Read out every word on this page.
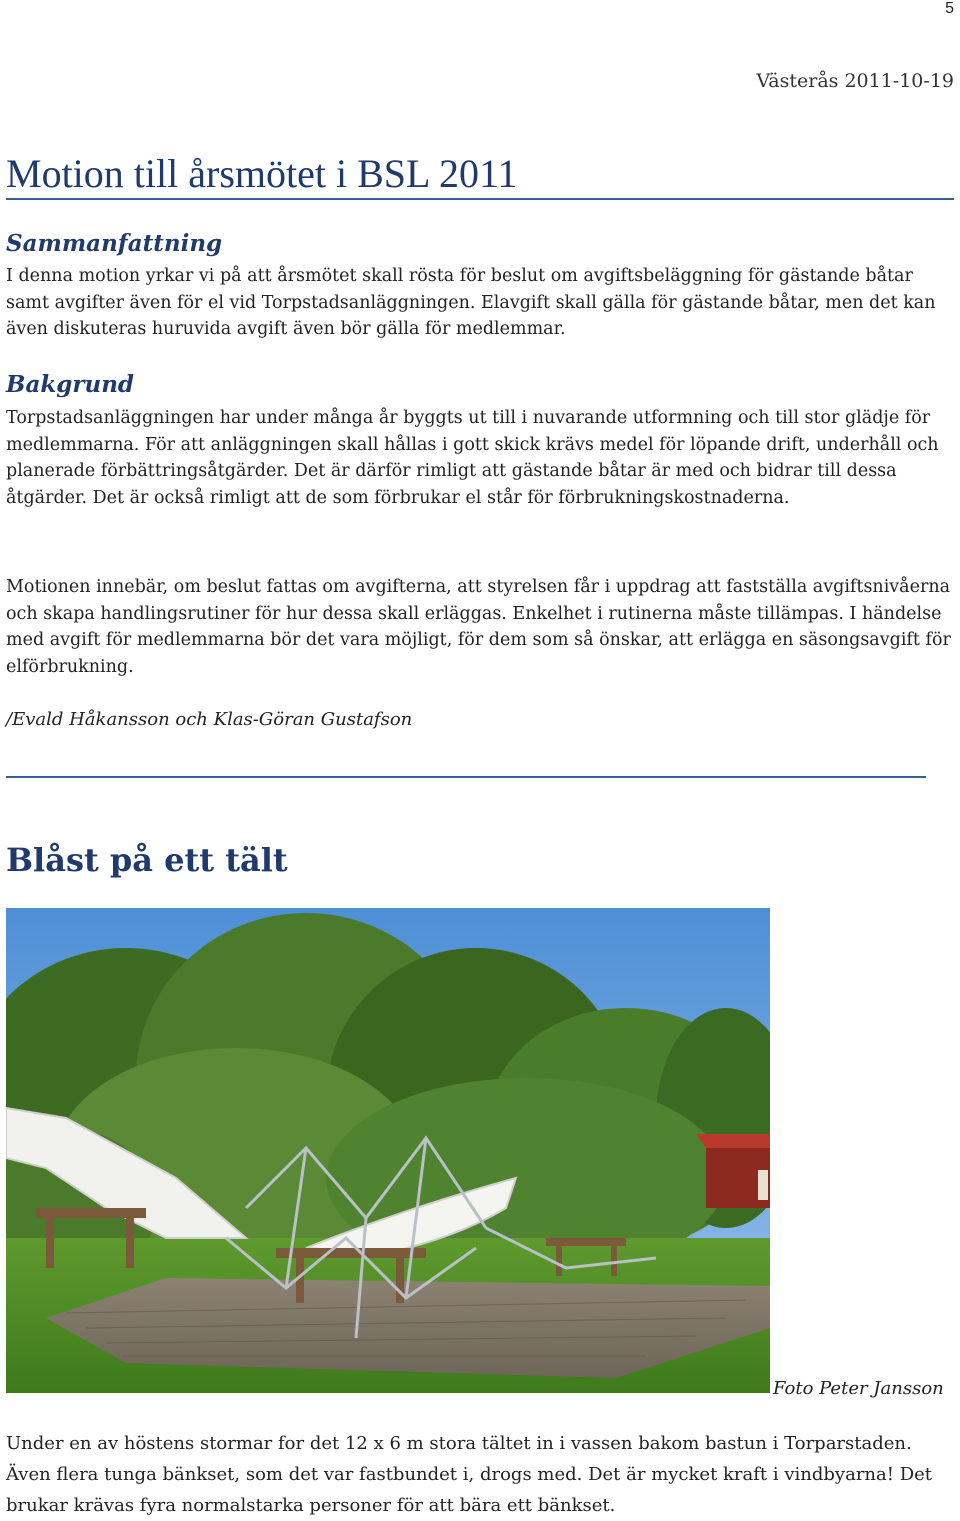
5
Västerås 2011-10-19
Motion till årsmötet i BSL 2011
Sammanfattning
I denna motion yrkar vi på att årsmötet skall rösta för beslut om avgiftsbeläggning för gästande båtar samt avgifter även för el vid Torpstadsanläggningen. Elavgift skall gälla för gästande båtar, men det kan även diskuteras huruvida avgift även bör gälla för medlemmar.
Bakgrund
Torpstadsanläggningen har under många år byggts ut till i nuvarande utformning och till stor glädje för medlemmarna. För att anläggningen skall hållas i gott skick krävs medel för löpande drift, underhåll och planerade förbättringsåtgärder. Det är därför rimligt att gästande båtar är med och bidrar till dessa åtgärder. Det är också rimligt att de som förbrukar el står för förbrukningskostnaderna.
Motionen innebär, om beslut fattas om avgifterna, att styrelsen får i uppdrag att fastställa avgiftsnivåerna och skapa handlingsrutiner för hur dessa skall erläggas. Enkelhet i rutinerna måste tillämpas. I händelse med avgift för medlemmarna bör det vara möjligt, för dem som så önskar, att erlägga en säsongsavgift för elförbrukning.
/Evald Håkansson och Klas-Göran Gustafson
Blåst på ett tält
Foto Peter Jansson
Under en av höstens stormar for det 12 x 6 m stora tältet in i vassen bakom bastun i Torparstaden. Även flera tunga bänkset, som det var fastbundet i, drogs med. Det är mycket kraft i vindbyarna! Det brukar krävas fyra normalstarka personer för att bära ett bänkset.
